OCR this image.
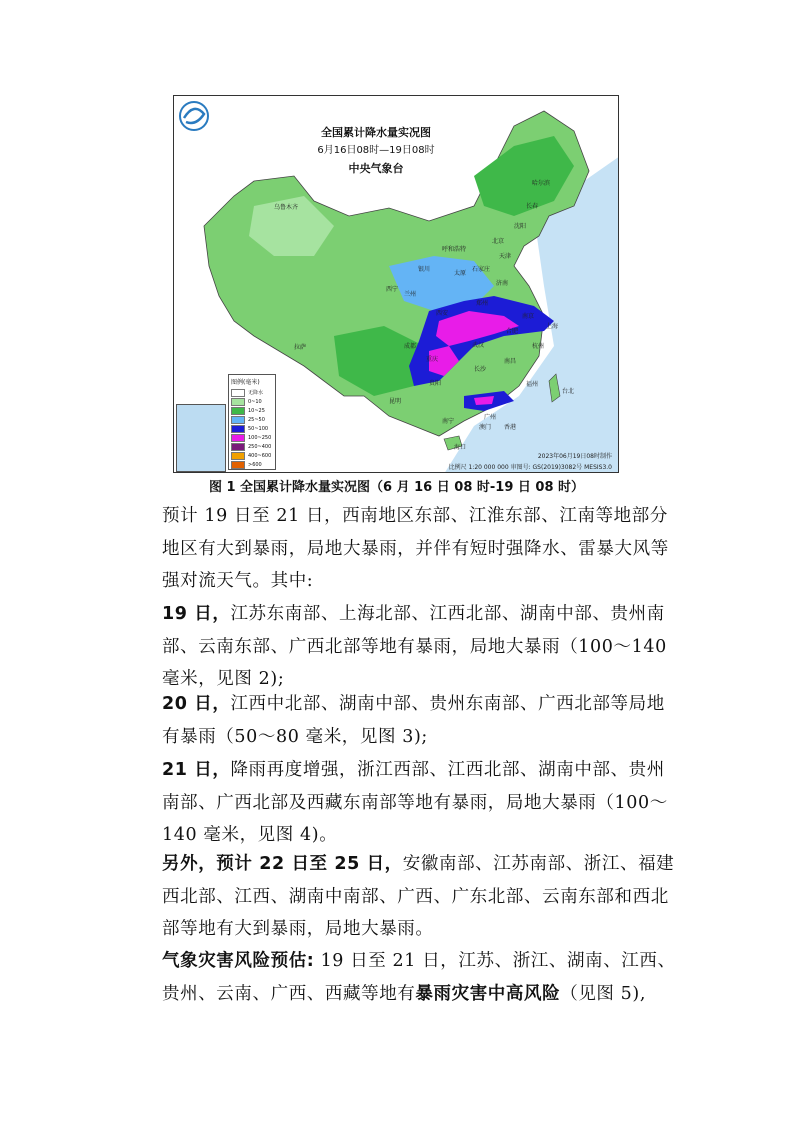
全国累计降水量实况图
6月16日08时—19日08时
中央气象台
哈尔滨
长春
沈阳
乌鲁木齐
呼和浩特
北京
天津
石家庄
太原
济南
银川
西宁
兰州
郑州
西安	南京
上海
合肥
武汉	杭州
成都
重庆	南昌
长沙
福州
台北
贵阳
昆明
南宁
广州
香港
澳门
海口
拉萨
图例(毫米)
无降水
0~10
10~25
25~50
50~100
100~250
250~400
400~600
>600
2023年06月19日08时制作
比例尺 1:20 000 000 审图号: GS(2019)3082号 MESIS3.0
图 1 全国累计降水量实况图（6 月 16 日 08 时-19 日 08 时）
预计 19 日至 21 日，西南地区东部、江淮东部、江南等地部分地区有大到暴雨，局地大暴雨，并伴有短时强降水、雷暴大风等强对流天气。其中:
19 日，江苏东南部、上海北部、江西北部、湖南中部、贵州南部、云南东部、广西北部等地有暴雨，局地大暴雨（100～140 毫米，见图 2);
20 日，江西中北部、湖南中部、贵州东南部、广西北部等局地有暴雨（50～80 毫米，见图 3);
21 日，降雨再度增强，浙江西部、江西北部、湖南中部、贵州南部、广西北部及西藏东南部等地有暴雨，局地大暴雨（100～140 毫米，见图 4)。
另外，预计 22 日至 25 日，安徽南部、江苏南部、浙江、福建西北部、江西、湖南中南部、广西、广东北部、云南东部和西北部等地有大到暴雨，局地大暴雨。
气象灾害风险预估: 19 日至 21 日，江苏、浙江、湖南、江西、贵州、云南、广西、西藏等地有暴雨灾害中高风险（见图 5),
